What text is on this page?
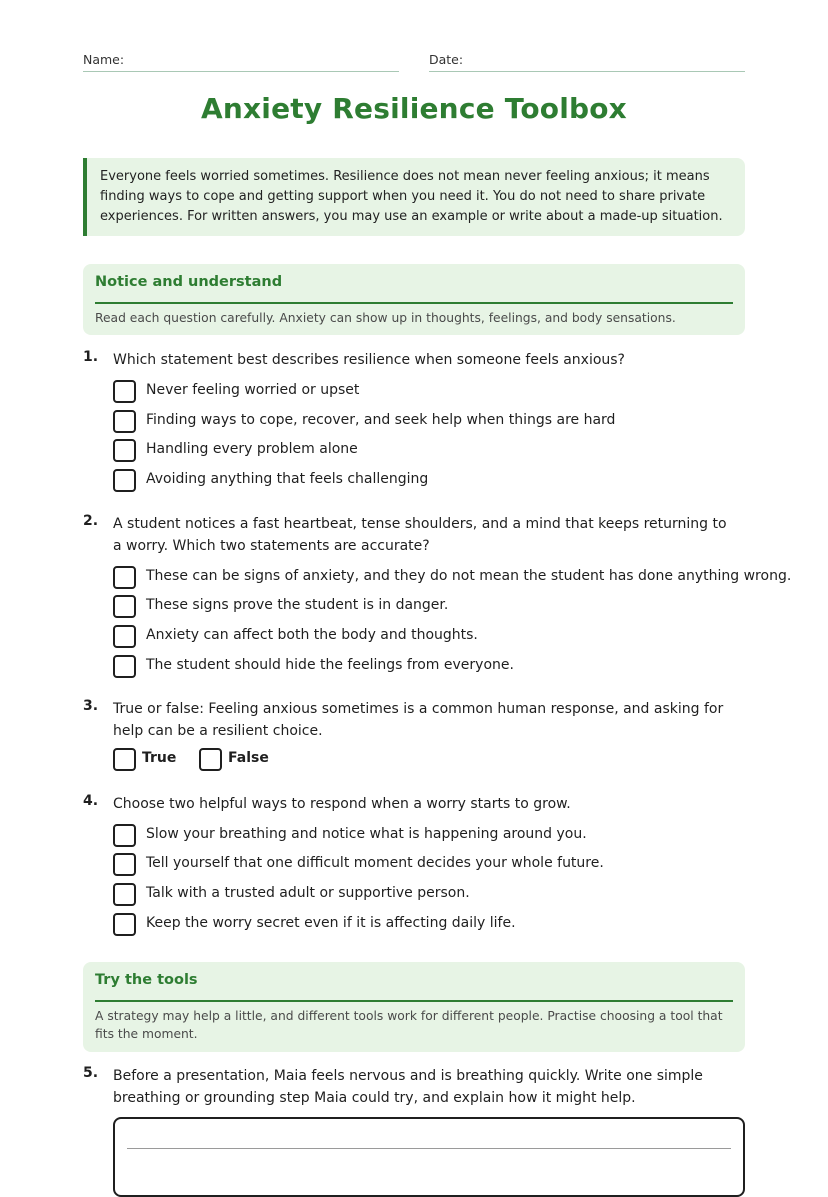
Name:	Date:
Anxiety Resilience Toolbox
Everyone feels worried sometimes. Resilience does not mean never feeling anxious; it means finding ways to cope and getting support when you need it. You do not need to share private experiences. For written answers, you may use an example or write about a made-up situation.
Notice and understand
Read each question carefully. Anxiety can show up in thoughts, feelings, and body sensations.
1. Which statement best describes resilience when someone feels anxious?
Never feeling worried or upset
Finding ways to cope, recover, and seek help when things are hard
Handling every problem alone
Avoiding anything that feels challenging
2. A student notices a fast heartbeat, tense shoulders, and a mind that keeps returning to a worry. Which two statements are accurate?
These can be signs of anxiety, and they do not mean the student has done anything wrong.
These signs prove the student is in danger.
Anxiety can affect both the body and thoughts.
The student should hide the feelings from everyone.
3. True or false: Feeling anxious sometimes is a common human response, and asking for help can be a resilient choice.
True	False
4. Choose two helpful ways to respond when a worry starts to grow.
Slow your breathing and notice what is happening around you.
Tell yourself that one difficult moment decides your whole future.
Talk with a trusted adult or supportive person.
Keep the worry secret even if it is affecting daily life.
Try the tools
A strategy may help a little, and different tools work for different people. Practise choosing a tool that fits the moment.
5. Before a presentation, Maia feels nervous and is breathing quickly. Write one simple breathing or grounding step Maia could try, and explain how it might help.
